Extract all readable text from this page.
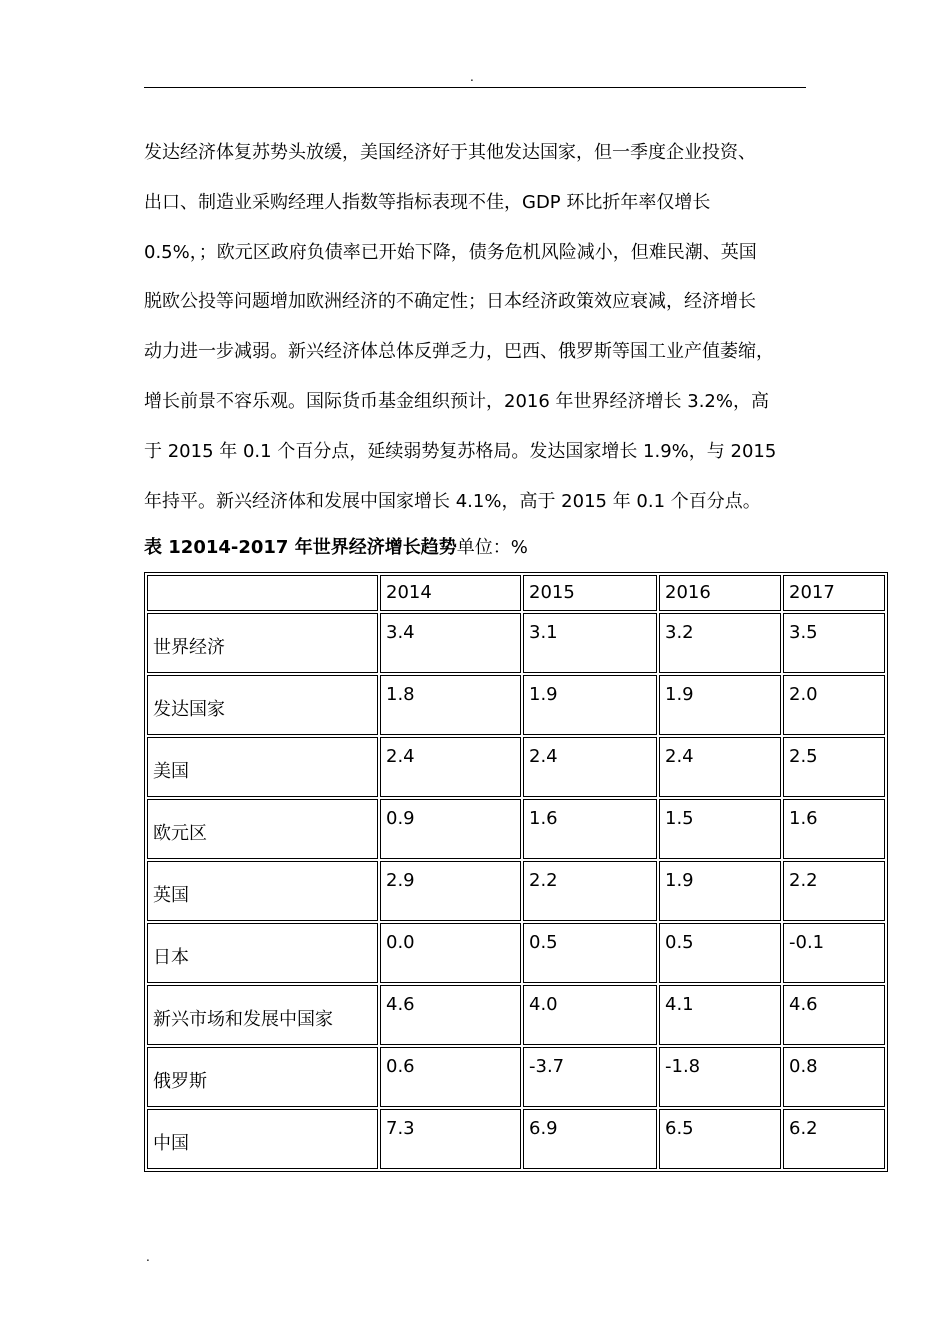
.
发达经济体复苏势头放缓，美国经济好于其他发达国家，但一季度企业投资、
出口、制造业采购经理人指数等指标表现不佳，GDP 环比折年率仅增长
0.5%，；欧元区政府负债率已开始下降，债务危机风险减小，但难民潮、英国
脱欧公投等问题增加欧洲经济的不确定性；日本经济政策效应衰减，经济增长
动力进一步减弱。新兴经济体总体反弹乏力，巴西、俄罗斯等国工业产值萎缩，
增长前景不容乐观。国际货币基金组织预计，2016 年世界经济增长 3.2%，高
于 2015 年 0.1 个百分点，延续弱势复苏格局。发达国家增长 1.9%，与 2015
年持平。新兴经济体和发展中国家增长 4.1%，高于 2015 年 0.1 个百分点。
表 12014-2017 年世界经济增长趋势单位：%
	2014	2015	2016	2017
世界经济	3.4	3.1	3.2	3.5
发达国家	1.8	1.9	1.9	2.0
美国	2.4	2.4	2.4	2.5
欧元区	0.9	1.6	1.5	1.6
英国	2.9	2.2	1.9	2.2
日本	0.0	0.5	0.5	-0.1
新兴市场和发展中国家	4.6	4.0	4.1	4.6
俄罗斯	0.6	-3.7	-1.8	0.8
中国	7.3	6.9	6.5	6.2
.
